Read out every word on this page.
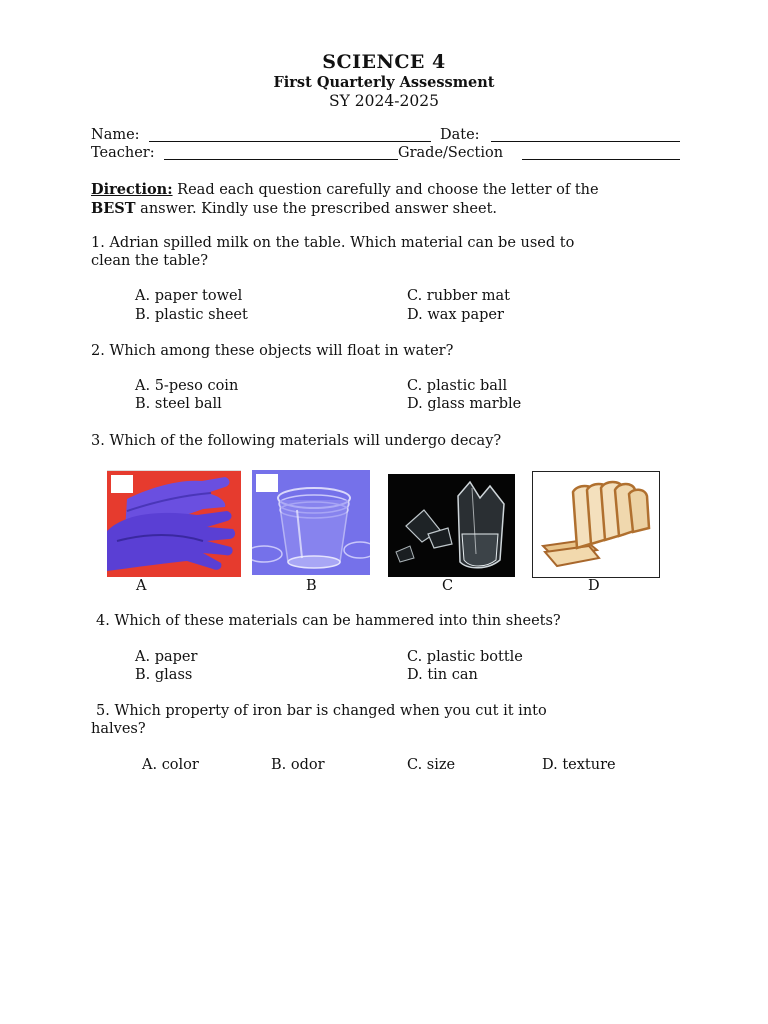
SCIENCE 4
First Quarterly Assessment
SY 2024-2025
Name:	Date:
Teacher:	Grade/Section
Direction: Read each question carefully and choose the letter of the
BEST answer. Kindly use the prescribed answer sheet.
1. Adrian spilled milk on the table. Which material can be used to
clean the table?
A. paper towel
B. plastic sheet
C. rubber mat
D. wax paper
2. Which among these objects will float in water?
A. 5-peso coin
B. steel ball
C. plastic ball
D. glass marble
3. Which of the following materials will undergo decay?
A	B	C	D
4. Which of these materials can be hammered into thin sheets?
A. paper
B. glass
C. plastic bottle
D. tin can
5. Which property of iron bar is changed when you cut it into
halves?
A. color	B. odor	C. size	D. texture
